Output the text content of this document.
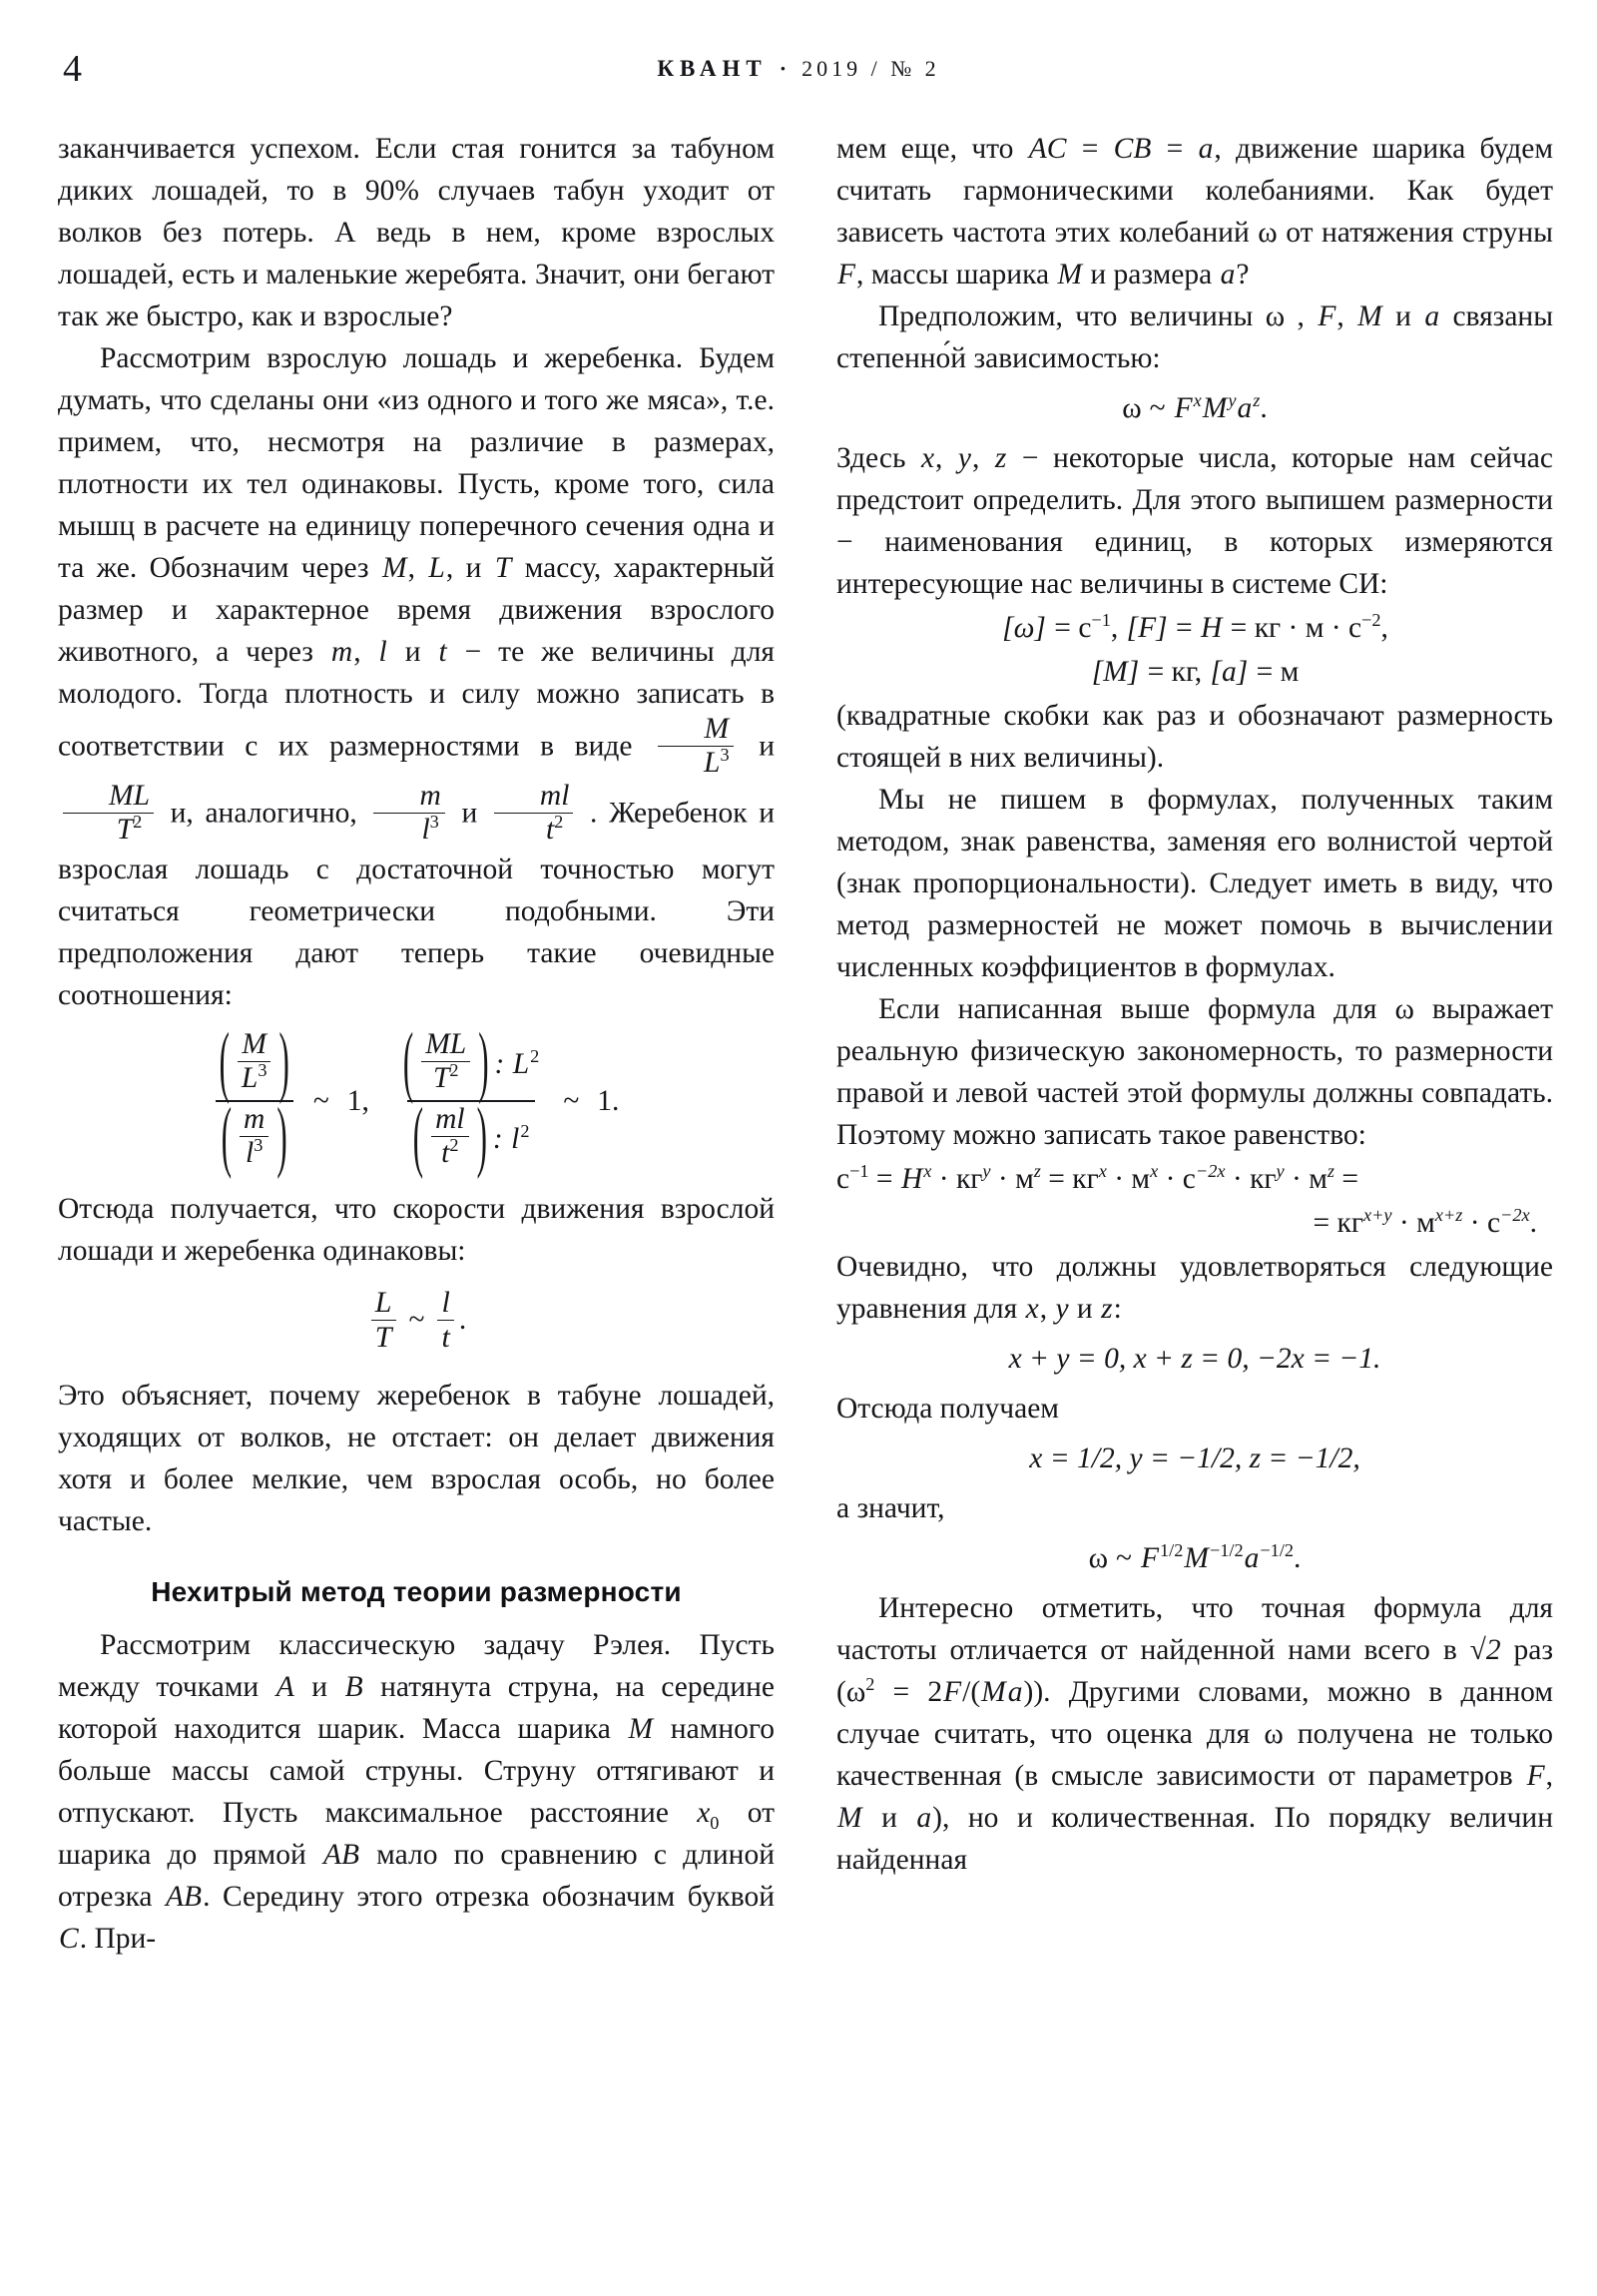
4	КВАНТ · 2019 / № 2

заканчивается успехом. Если стая гонится за табуном диких лошадей, то в 90% случаев табун уходит от волков без потерь. А ведь в нем, кроме взрослых лошадей, есть и маленькие жеребята. Значит, они бегают так же быстро, как и взрослые?

Рассмотрим взрослую лошадь и жеребенка. Будем думать, что сделаны они «из одного и того же мяса», т.е. примем, что, несмотря на различие в размерах, плотности их тел одинаковы. Пусть, кроме того, сила мышц в расчете на единицу поперечного сечения одна и та же. Обозначим через M, L, и T массу, характерный размер и характерное время движения взрослого животного, а через m, l и t − те же величины для молодого. Тогда плотность и силу можно записать в соответствии с их размерностями в виде $\frac{M}{L^3}$ и
$\frac{ML}{T^2} и$, аналогично, $\frac{m}{l^3}$ и $\frac{ml}{t^2}$ . Жеребенок и взрослая лошадь с достаточной точностью могут считаться геометрически подобными. Эти предположения дают теперь такие очевидные соотношения:

( $\frac{M}{L^3}$
)
( $\frac{m}{l^3}$
) ~ 1,
( $\frac{ML}{T^2}$
) : $L^2$
( $\frac{ml}{t^2}$
) : $l^2$
~ 1.

Отсюда получается, что скорости движения взрослой лошади и жеребенка одинаковы:

$\frac{L}{T}$ ~ $\frac{l}{t}$ .

Это объясняет, почему жеребенок в табуне лошадей, уходящих от волков, не отстает: он делает движения хотя и более мелкие, чем взрослая особь, но более частые.

Нехитрый метод теории размерности

Рассмотрим классическую задачу Рэлея. Пусть между точками A и B натянута струна, на середине которой находится шарик. Масса шарика M намного больше массы самой струны. Струну оттягивают и отпускают. Пусть максимальное расстояние $x_0$ от шарика до прямой AB мало по сравнению с длиной отрезка AB. Середину этого отрезка обозначим буквой C. При-

мем еще, что AC = CB = a, движение шарика будем считать гармоническими колебаниями. Как будет зависеть частота этих колебаний ω от натяжения струны F, массы шарика M и размера a?

Предположим, что величины ω , F, M и a связаны степенно́й зависимостью:

ω ~ $F^xM^ya^z$.

Здесь x, y, z − некоторые числа, которые нам сейчас предстоит определить. Для этого выпишем размерности − наименования единиц, в которых измеряются интересующие нас величины в системе СИ:

$[\omega] = с^{-1}$, [F] = H = кг · $м \cdot с^{-2}$,
[M] = кг, [a] = м

(квадратные скобки как раз и обозначают размерность стоящей в них величины).

Мы не пишем в формулах, полученных таким методом, знак равенства, заменяя его волнистой чертой (знак пропорциональности). Следует иметь в виду, что метод размерностей не может помочь в вычислении численных коэффициентов в формулах.

Если написанная выше формула для ω выражает реальную физическую закономерность, то размерности правой и левой частей этой формулы должны совпадать. Поэтому можно записать такое равенство:

$с^{-1} = H^x \cdot кг^y \cdot м^z = кг^x \cdot м^x \cdot с^{-2x} \cdot кг^y \cdot м^z$ =
= $кг^{x+y} \cdot м^{x+z} \cdot с^{-2x}$.

Очевидно, что должны удовлетворяться следующие уравнения для x, y и z:

x + y = 0, x + z = 0, −2x = −1.

Отсюда получаем

x = 1/2, y = −1/2, z = −1/2,

а значит,

ω ~ $F^{1/2}M^{-1/2}a^{-1/2}$.

Интересно отметить, что точная формула для частоты отличается от найденной нами всего в √2 раз $(\omega^2 = 2F/(Ma))$. Другими словами, можно в данном случае считать, что оценка для ω получена не только качественная (в смысле зависимости от параметров F, M и a), но и количественная. По порядку величин найденная
